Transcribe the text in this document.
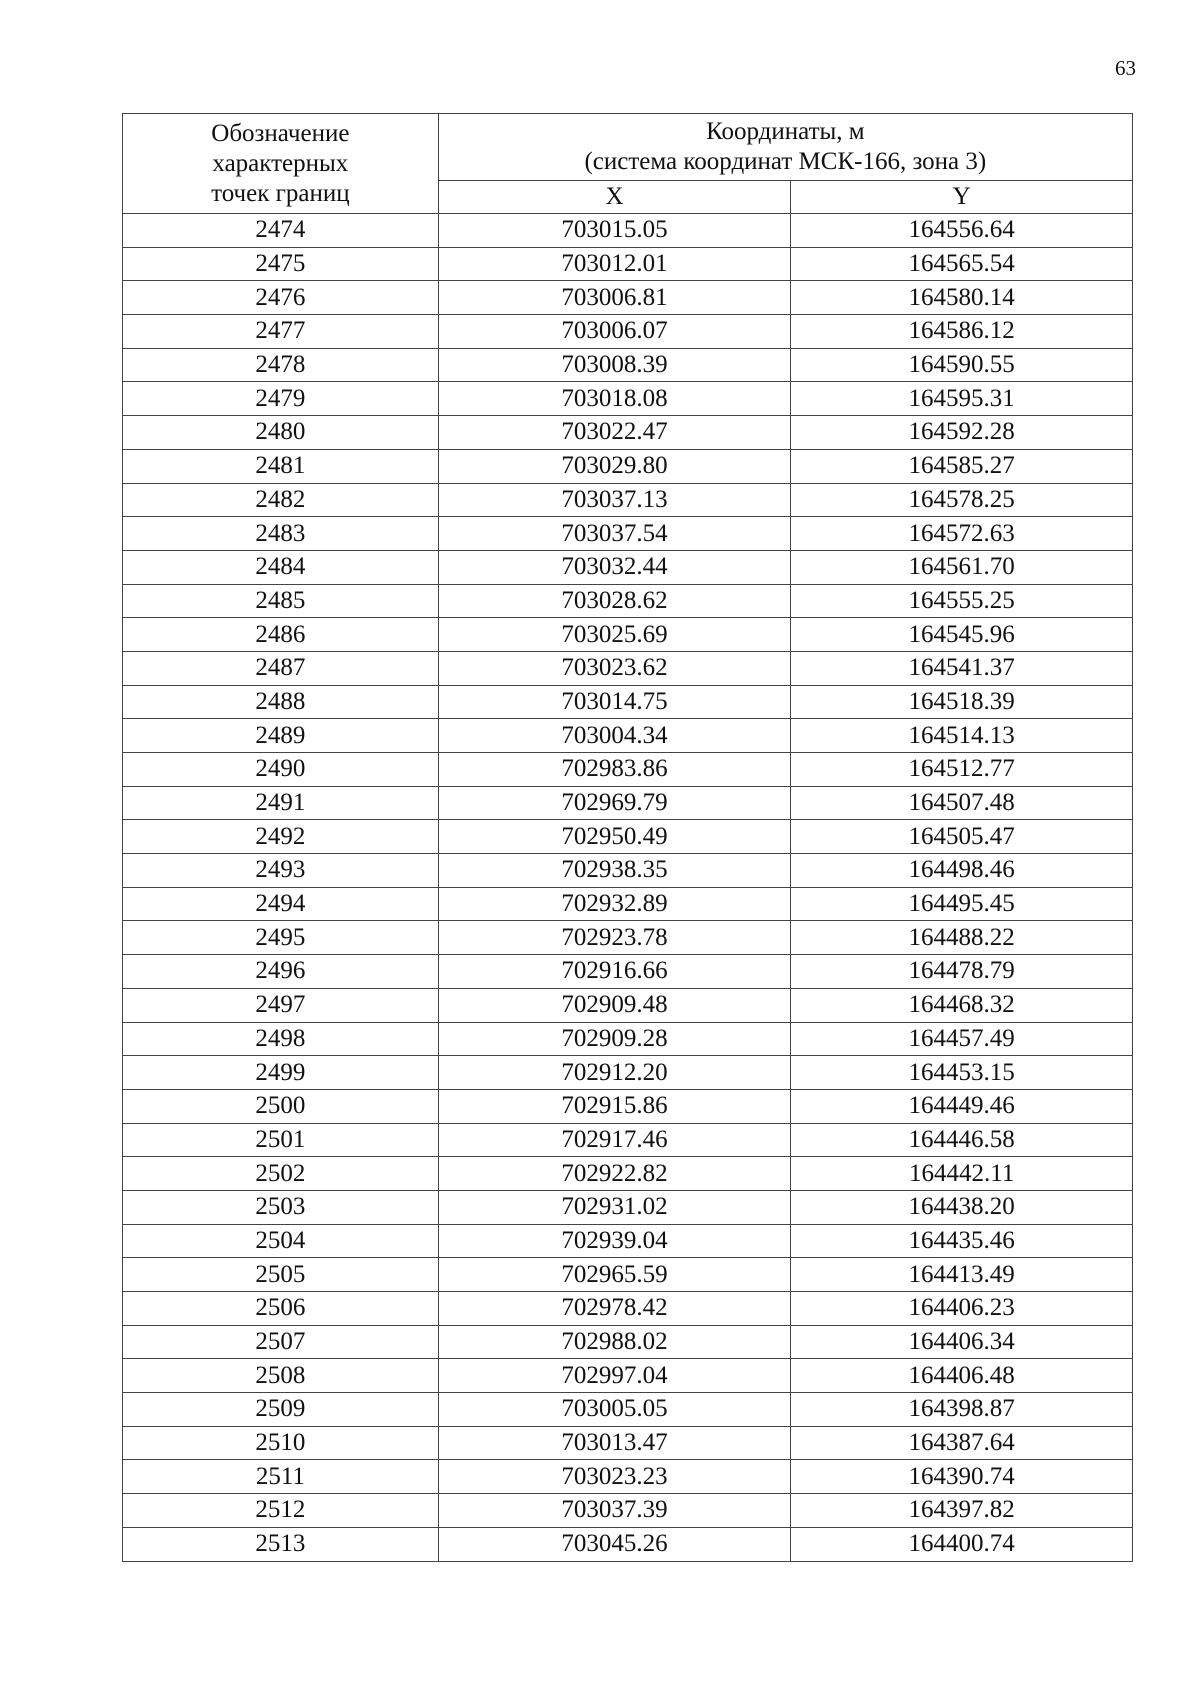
63
Обозначение
характерных
точек границ	Координаты, м
(система координат МСК-166, зона 3)	
	X	Y
2474	703015.05	164556.64
2475	703012.01	164565.54
2476	703006.81	164580.14
2477	703006.07	164586.12
2478	703008.39	164590.55
2479	703018.08	164595.31
2480	703022.47	164592.28
2481	703029.80	164585.27
2482	703037.13	164578.25
2483	703037.54	164572.63
2484	703032.44	164561.70
2485	703028.62	164555.25
2486	703025.69	164545.96
2487	703023.62	164541.37
2488	703014.75	164518.39
2489	703004.34	164514.13
2490	702983.86	164512.77
2491	702969.79	164507.48
2492	702950.49	164505.47
2493	702938.35	164498.46
2494	702932.89	164495.45
2495	702923.78	164488.22
2496	702916.66	164478.79
2497	702909.48	164468.32
2498	702909.28	164457.49
2499	702912.20	164453.15
2500	702915.86	164449.46
2501	702917.46	164446.58
2502	702922.82	164442.11
2503	702931.02	164438.20
2504	702939.04	164435.46
2505	702965.59	164413.49
2506	702978.42	164406.23
2507	702988.02	164406.34
2508	702997.04	164406.48
2509	703005.05	164398.87
2510	703013.47	164387.64
2511	703023.23	164390.74
2512	703037.39	164397.82
2513	703045.26	164400.74
